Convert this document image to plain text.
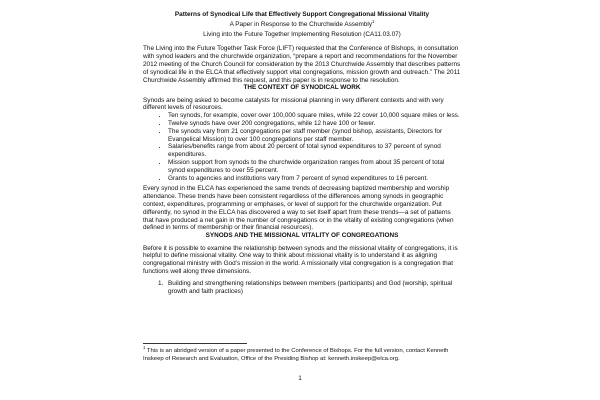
Patterns of Synodical Life that Effectively Support Congregational Missional Vitality
A Paper in Response to the Churchwide Assembly$^1$
Living into the Future Together Implementing Resolution (CA11.03.07)

The Living into the Future Together Task Force (LIFT) requested that the Conference of Bishops, in consultation with synod leaders and the churchwide organization, “prepare a report and recommendations for the November 2012 meeting of the Church Council for consideration by the 2013 Churchwide Assembly that describes patterns of synodical life in the ELCA that effectively support vital congregations, mission growth and outreach.” The 2011 Churchwide Assembly affirmed this request, and this paper is in response to the resolution.

THE CONTEXT OF SYNODICAL WORK

Synods are being asked to become catalysts for missional planning in very different contexts and with very different levels of resources.

• Ten synods, for example, cover over 100,000 square miles, while 22 cover 10,000 square miles or less.
• Twelve synods have over 200 congregations, while 12 have 100 or fewer.
• The synods vary from 21 congregations per staff member (synod bishop, assistants, Directors for Evangelical Mission) to over 100 congregations per staff member.
• Salaries/benefits range from about 20 percent of total synod expenditures to 37 percent of synod expenditures.
• Mission support from synods to the churchwide organization ranges from about 35 percent of total synod expenditures to over 55 percent.
• Grants to agencies and institutions vary from 7 percent of synod expenditures to 16 percent.

Every synod in the ELCA has experienced the same trends of decreasing baptized membership and worship attendance. These trends have been consistent regardless of the differences among synods in geographic context, expenditures, programming or emphases, or level of support for the churchwide organization. Put differently, no synod in the ELCA has discovered a way to set itself apart from these trends—a set of patterns that have produced a net gain in the number of congregations or in the vitality of existing congregations (when defined in terms of membership or their financial resources).

SYNODS AND THE MISSIONAL VITALITY OF CONGREGATIONS

Before it is possible to examine the relationship between synods and the missional vitality of congregations, it is helpful to define missional vitality. One way to think about missional vitality is to understand it as aligning congregational ministry with God’s mission in the world. A missionally vital congregation is a congregation that functions well along three dimensions.

1. Building and strengthening relationships between members (participants) and God (worship, spiritual growth and faith practices)
$^1$ This is an abridged version of a paper presented to the Conference of Bishops. For the full version, contact Kenneth Inskeep of Research and Evaluation, Office of the Presiding Bishop at: kenneth.inskeep@elca.org.
1
